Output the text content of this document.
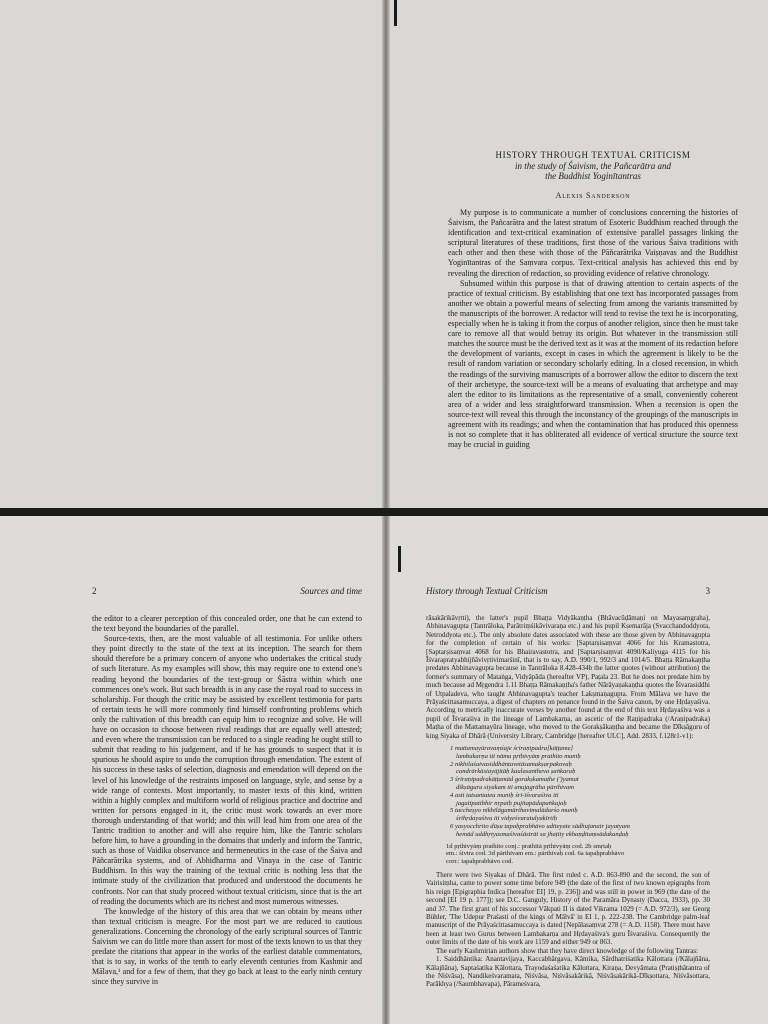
HISTORY THROUGH TEXTUAL CRITICISM
in the study of Śaivism, the Pañcarātra and
the Buddhist Yoginītantras
Alexis Sanderson

My purpose is to communicate a number of conclusions concerning the histories of Śaivism, the Pañcarātra and the latest stratum of Esoteric Buddhism reached through the identification and text-critical examination of extensive parallel passages linking the scriptural literatures of these traditions, first those of the various Śaiva traditions with each other and then these with those of the Pāñcarātrika Vaiṣṇavas and the Buddhist Yoginītantras of the Saṃvara corpus. Text-critical analysis has achieved this end by revealing the direction of redaction, so providing evidence of relative chronology.

Subsumed within this purpose is that of drawing attention to certain aspects of the practice of textual criticism. By establishing that one text has incorporated passages from another we obtain a powerful means of selecting from among the variants transmitted by the manuscripts of the borrower. A redactor will tend to revise the text he is incorporating, especially when he is taking it from the corpus of another religion, since then he must take care to remove all that would betray its origin. But whatever in the transmission still matches the source must be the derived text as it was at the moment of its redaction before the development of variants, except in cases in which the agreement is likely to be the result of random variation or secondary scholarly editing. In a closed recension, in which the readings of the surviving manuscripts of a borrower allow the editor to discern the text of their archetype, the source-text will be a means of evaluating that archetype and may alert the editor to its limitations as the representative of a small, conveniently coherent area of a wider and less straightforward transmission. When a recension is open the source-text will reveal this through the inconstancy of the groupings of the manuscripts in agreement with its readings; and when the contamination that has produced this openness is not so complete that it has obliterated all evidence of vertical structure the source text may be crucial in guiding

2	Sources and time

the editor to a clearer perception of this concealed order, one that he can extend to the text beyond the boundaries of the parallel.

Source-texts, then, are the most valuable of all testimonia. For unlike others they point directly to the state of the text at its inception. The search for them should therefore be a primary concern of anyone who undertakes the critical study of such literature. As my examples will show, this may require one to extend one's reading beyond the boundaries of the text-group or Śāstra within which one commences one's work. But such breadth is in any case the royal road to success in scholarship. For though the critic may be assisted by excellent testimonia for parts of certain texts he will more commonly find himself confronting problems which only the cultivation of this breadth can equip him to recognize and solve. He will have on occasion to choose between rival readings that are equally well attested; and even where the transmission can be reduced to a single reading he ought still to submit that reading to his judgement, and if he has grounds to suspect that it is spurious he should aspire to undo the corruption through emendation. The extent of his success in these tasks of selection, diagnosis and emendation will depend on the level of his knowledge of the restraints imposed on language, style, and sense by a wide range of contexts. Most importantly, to master texts of this kind, written within a highly complex and multiform world of religious practice and doctrine and written for persons engaged in it, the critic must work towards an ever more thorough understanding of that world; and this will lead him from one area of the Tantric tradition to another and will also require him, like the Tantric scholars before him, to have a grounding in the domains that underly and inform the Tantric, such as those of Vaidika observance and hermeneutics in the case of the Śaiva and Pāñcarātrika systems, and of Abhidharma and Vinaya in the case of Tantric Buddhism. In this way the training of the textual critic is nothing less that the intimate study of the civilization that produced and understood the documents he confronts. Nor can that study proceed without textual criticism, since that is the art of reading the documents which are its richest and most numerous witnesses.

The knowledge of the history of this area that we can obtain by means other than textual criticism is meagre. For the most part we are reduced to cautious generalizations. Concerning the chronology of the early scriptural sources of Tantric Śaivism we can do little more than assert for most of the texts known to us that they predate the citations that appear in the works of the earliest datable commentators, that is to say, in works of the tenth to early eleventh centuries from Kashmir and Mālava,¹ and for a few of them, that they go back at least to the early ninth century since they survive in

History through Textual Criticism	3

rāsakārikāvṛtti), the latter's pupil Bhaṭṭa Vidyākaṇṭha (Bhāvacūḍāmaṇi on Mayasaṃgraha), Abhinavagupta (Tantrāloka, Parātriṃśikāvivaraṇa etc.) and his pupil Kṣemarāja (Svacchandoddyota, Netroddyota etc.). The only absolute dates associated with these are those given by Abhinavagupta for the completion of certain of his works: [Saptarṣisaṃvat 4066 for his Kramastotra, [Saptarṣisaṃvat 4068 for his Bhairavastotra, and [Saptarṣisaṃvat 4090/Kaliyuga 4115 for his Īśvarapratyabhijñāvivṛtivimarśinī, that is to say, A.D. 990/1, 992/3 and 1014/5. Bhaṭṭa Rāmakaṇṭha predates Abhinavagupta because in Tantrāloka 8.428-434b the latter quotes (without attribution) the former's summary of Mataṅga, Vidyāpāda (hereafter VP), Paṭala 23. But he does not predate him by much because ad Mṛgendra 1.11 Bhaṭṭa Rāmakaṇṭha's father Nārāyaṇakaṇṭha quotes the Īśvarasiddhi of Utpaladeva, who taught Abhinavagupta's teacher Lakṣmaṇagupta. From Mālava we have the Prāyaścittasamuccaya, a digest of chapters on penance found in the Śaiva canon, by one Hṛdayaśiva. According to metrically inaccurate verses by another found at the end of this text Hṛdayaśiva was a pupil of Īśvaraśiva in the lineage of Lambakarṇa, an ascetic of the Raṇipadraka (/Araṇipadraka) Maṭha of the Mattamayūra lineage, who moved to the Gorakṣākaṇṭha and became the Dīkṣāguru of king Siyaka of Dhārā (University Library, Cambridge [hereafter ULC], Add. 2833, f.128r1-v1):

1 mattamayūravaṃśaje śrīraṇipadra[kāṭṭame]
lambakarṇa iti nāma pṛthivyāṃ prathito muniḥ
2 nikhilaśaivasiddhāntavetāsamakṣarpakovaḥ
candrārkāsiayājitāḥ kaulasantheva ṣaṅkaraḥ
3 śrīraṇipadrakāṭṭamād gorakṣkamaṭhe (')yamat
dīkṣāguru siyakam iti anujagrāha pārthivam
4 asti tatsantateu muniḥ śrī-īśvaraśiva iti
jagatīpatibhir nṛpaiḥ pujitapādapaṅkajaḥ
5 taccheṣyo nikhilāgamārthavimalādarśo muniḥ
śrīhṛdayaśiva iti vidyeśvaratulyakīrtiḥ
6 yasyocchrito dūṣu tapaḥprabhāvo uditeyate sādhujanair jayatyam
hemād uddhṛtyasmaśivaśāstrāt sa jhaṭity ekhaṇḍitaṃsādakanḍaḥ
1d pṛthivyāṃ prathito conj.: prathitā pṛthivyāṃ cod. 2b smṛtaḥ
em.: śivtra cod. 3d pārthivam em.: pārthivaḥ cod. 6a tapaḥprabhāvo
corr.: tapaḥprabhāvo cod.

There were two Siyakas of Dhārā. The first ruled c. A.D. 863-890 and the second, the son of Vairisiṃha, came to power some time before 949 (the date of the first of two known epigraphs from his reign [Epigraphia Indica [hereafter EI] 19, p. 236]) and was still in power in 969 (the date of the second [EI 19 p. 177]); see D.C. Ganguly, History of the Paramāra Dynasty (Dacca, 1933), pp. 30 and 37. The first grant of his successor Vākpati II is dated Vikrama 1029 (= A.D. 972/3), see Georg Bühler, 'The Udepur Praśasti of the kings of Mālvā' in EI 1, p. 222-238. The Cambridge palm-leaf manuscript of the Prāyaścittasamuccaya is dated [Nepālasaṃvat 278 (= A.D. 1158). There must have been at least two Gurus between Lambakarṇa and Hṛdayaśiva's guru Īśvaraśiva. Consequently the outer limits of the date of his work are 1159 and either 949 or 863.

The early Kashmirian authors show that they have direct knowledge of the following Tantras:

1. Saiddhāntika: Anantavijaya, Kaccabhārgava, Kāmika, Sārdhatriśatika Kālottara (/Kālajñāna, Kālajñāna), Saptaśatika Kālottara, Trayodaśaśatika Kālottara, Kiraṇa, Devyāmata (Pratiṣṭhātantra of the Niśvāsa), Nandikeśvaramata, Niśvāsa, Niśvāsakārikā, Niśvāsakārikā-Dīkṣottara, Niśvāsottara, Parākhya (/Saumbhavapa), Pārameśvara,
